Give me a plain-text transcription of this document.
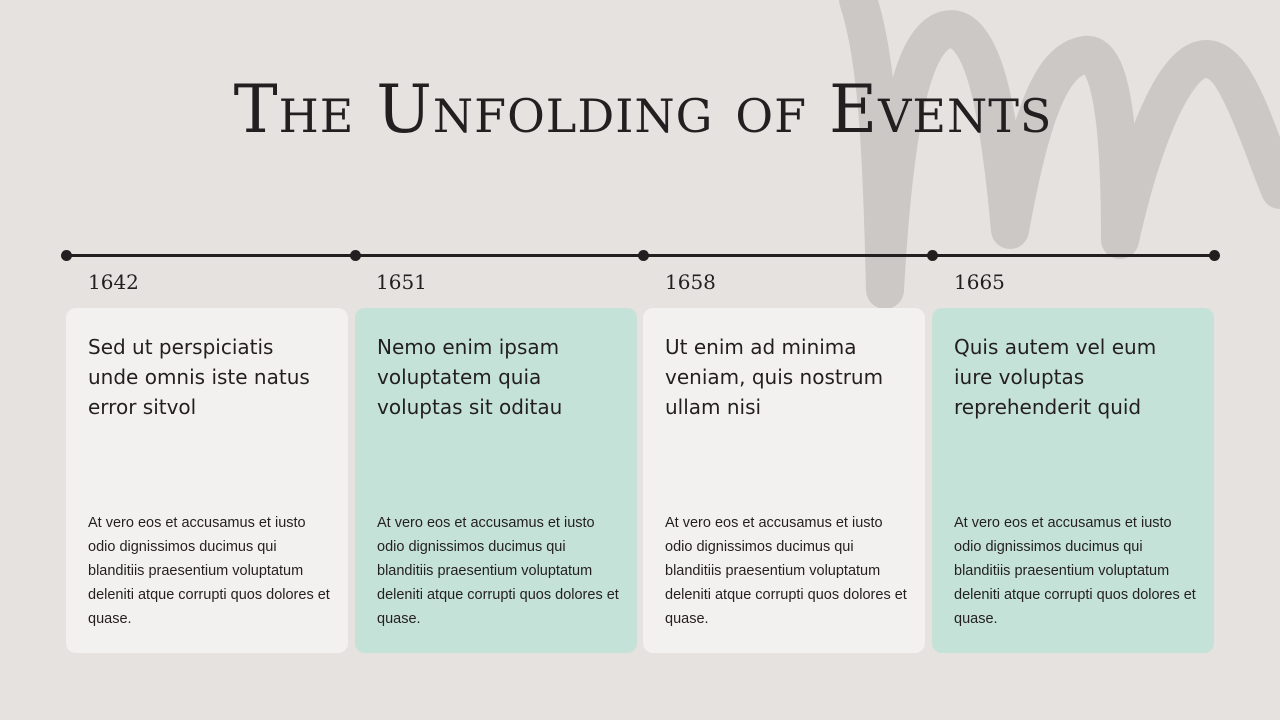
The Unfolding of Events
1642	1651	1658	1665

Sed ut perspiciatis unde omnis iste natus error sitvol

At vero eos et accusamus et iusto odio dignissimos ducimus qui blanditiis praesentium voluptatum deleniti atque corrupti quos dolores et quase.

Nemo enim ipsam voluptatem quia voluptas sit oditau

At vero eos et accusamus et iusto odio dignissimos ducimus qui blanditiis praesentium voluptatum deleniti atque corrupti quos dolores et quase.

Ut enim ad minima veniam, quis nostrum ullam nisi

At vero eos et accusamus et iusto odio dignissimos ducimus qui blanditiis praesentium voluptatum deleniti atque corrupti quos dolores et quase.

Quis autem vel eum iure voluptas reprehenderit quid

At vero eos et accusamus et iusto odio dignissimos ducimus qui blanditiis praesentium voluptatum deleniti atque corrupti quos dolores et quase.
